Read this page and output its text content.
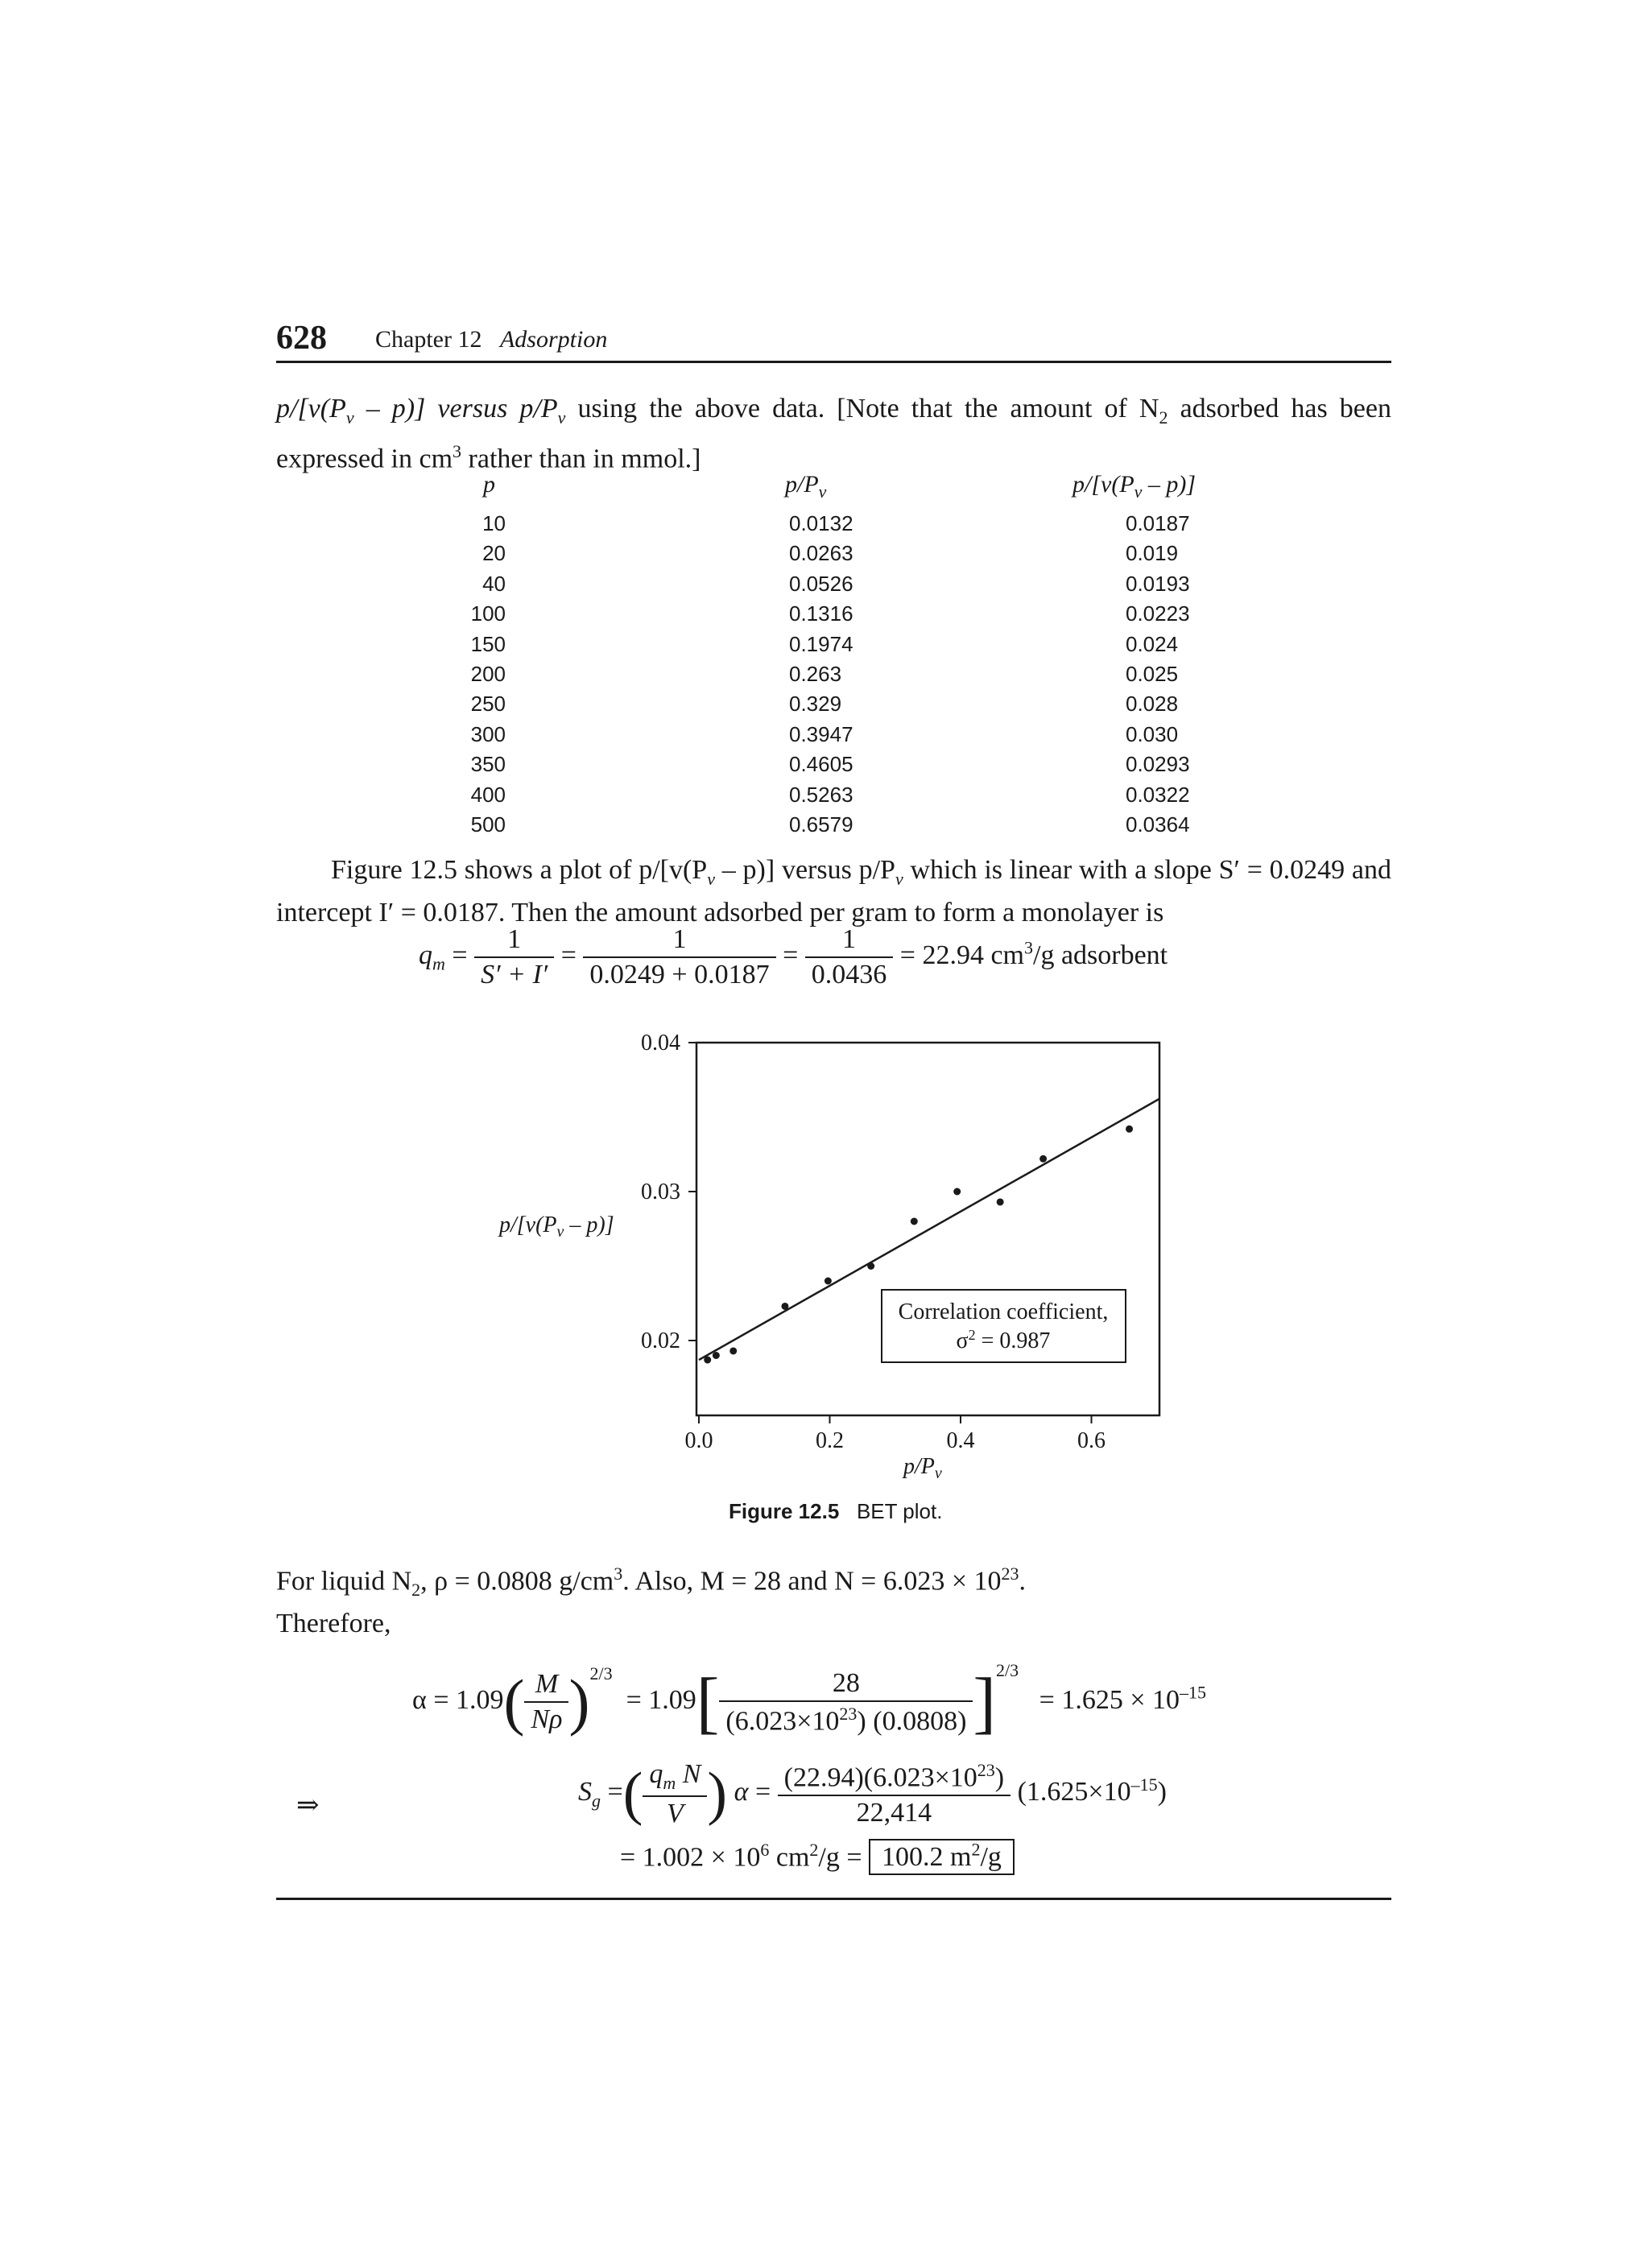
628 Chapter 12 Adsorption
$p/[v(P_v - p)]$ versus $p/P_v$ using the above data. [Note that the amount of $N_2$ adsorbed has been expressed in $cm^3$ rather than in mmol.]
p	$p/P_v$	$p/[v(P_v - p)]$
10	0.0132	0.0187
20	0.0263	0.019
40	0.0526	0.0193
100	0.1316	0.0223
150	0.1974	0.024
200	0.263	0.025
250	0.329	0.028
300	0.3947	0.030
350	0.4605	0.0293
400	0.5263	0.0322
500	0.6579	0.0364
Figure 12.5 shows a plot of $p/[v(P_v - p)]$ versus $p/P_v$ which is linear with a slope S′ = 0.0249 and intercept I′ = 0.0187. Then the amount adsorbed per gram to form a monolayer is
$q_m = \frac{1}{S' + I'} = \frac{1}{0.0249 + 0.0187} = \frac{1}{0.0436} = 22.94$ $cm^3/g$ adsorbent
0.04
0.03
0.02
0.0	0.2	0.4	0.6
$p/[v(P_v - p)]$
$p/P_v$
Correlation coefficient,
$\sigma^2 = 0.987$
Figure 12.5 BET plot.
For liquid $N_2$, ρ = 0.0808 $g/cm^3$. Also, M = 28 and $N = 6.023 \times 10^{23}$.
Therefore,
$\alpha = 1.09( \frac{M}{N\rho} )^{2/3} = 1.09[ \frac{28}{(6.023\times 10^{23}) (0.0808)} ]^{2/3} = 1.625 \times 10^{-15}$
⇒	$S_g$ =( $\frac{q_m N}{V}$ ) $\alpha = \frac{(22.94)(6.023\times 10^{23})}{22,414} (1.625\times 10^{-15})$
= $1.002 \times 10^6$ $cm^2/g = 100.2$ $m^2/g$
